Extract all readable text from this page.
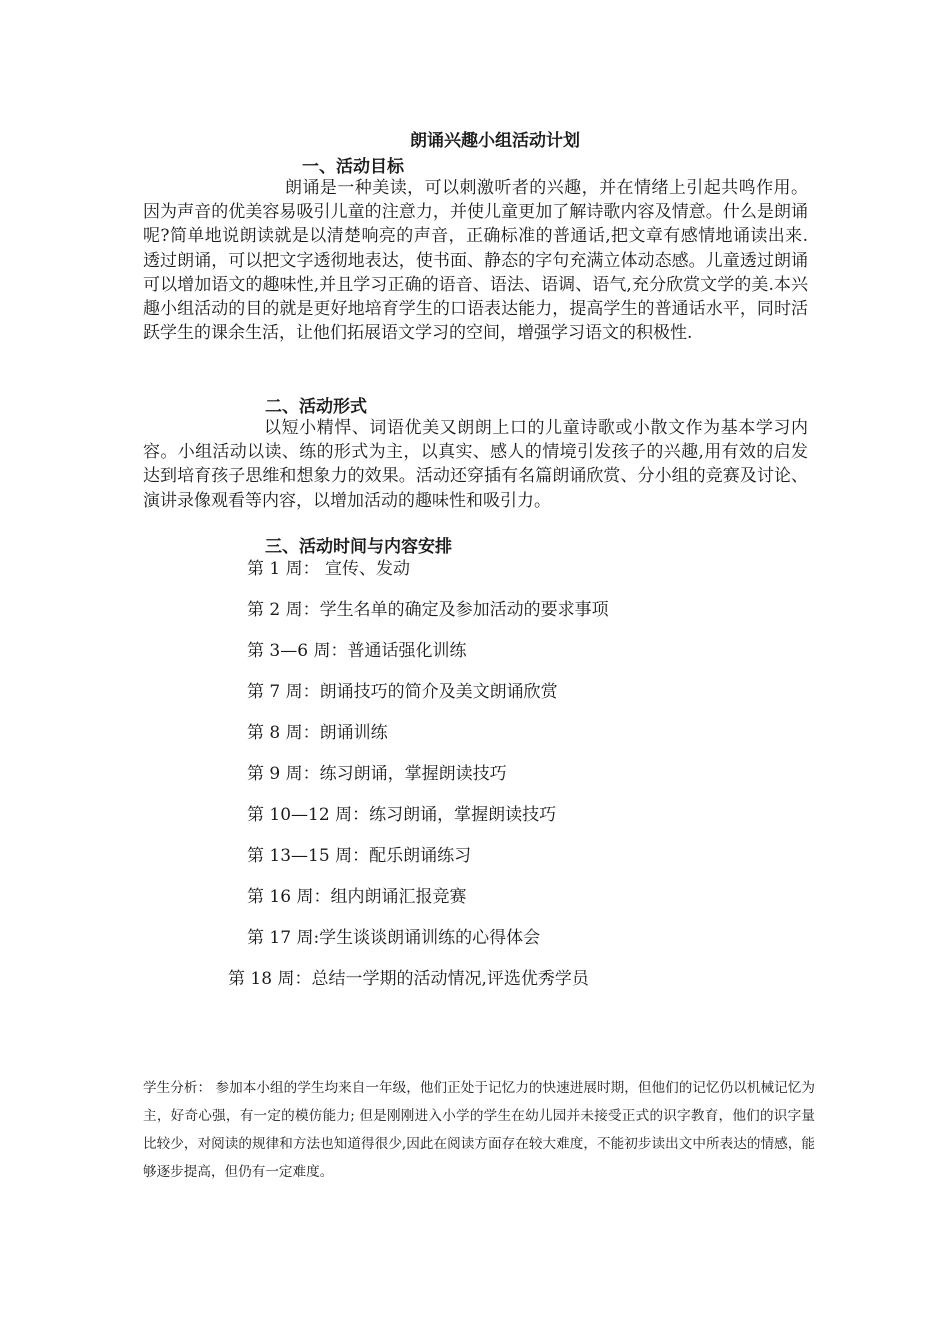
朗诵兴趣小组活动计划
一、活动目标
朗诵是一种美读，可以刺激听者的兴趣，并在情绪上引起共鸣作用。因为声音的优美容易吸引儿童的注意力，并使儿童更加了解诗歌内容及情意。什么是朗诵呢?简单地说朗读就是以清楚响亮的声音，正确标准的普通话,把文章有感情地诵读出来.透过朗诵，可以把文字透彻地表达，使书面、静态的字句充满立体动态感。儿童透过朗诵可以增加语文的趣味性,并且学习正确的语音、语法、语调、语气,充分欣赏文学的美.本兴趣小组活动的目的就是更好地培育学生的口语表达能力，提高学生的普通话水平，同时活跃学生的课余生活，让他们拓展语文学习的空间，增强学习语文的积极性.
二、活动形式
以短小精悍、词语优美又朗朗上口的儿童诗歌或小散文作为基本学习内容。小组活动以读、练的形式为主，以真实、感人的情境引发孩子的兴趣,用有效的启发达到培育孩子思维和想象力的效果。活动还穿插有名篇朗诵欣赏、分小组的竞赛及讨论、演讲录像观看等内容，以增加活动的趣味性和吸引力。
三、活动时间与内容安排
第 1 周： 宣传、发动
第 2 周：学生名单的确定及参加活动的要求事项
第 3—6 周：普通话强化训练
第 7 周：朗诵技巧的简介及美文朗诵欣赏
第 8 周：朗诵训练
第 9 周：练习朗诵，掌握朗读技巧
第 10—12 周：练习朗诵，掌握朗读技巧
第 13—15 周：配乐朗诵练习
第 16 周：组内朗诵汇报竞赛
第 17 周:学生谈谈朗诵训练的心得体会
第 18 周：总结一学期的活动情况,评选优秀学员
学生分析： 参加本小组的学生均来自一年级，他们正处于记忆力的快速进展时期，但他们的记忆仍以机械记忆为主，好奇心强，有一定的模仿能力; 但是刚刚进入小学的学生在幼儿园并未接受正式的识字教育，他们的识字量比较少，对阅读的规律和方法也知道得很少,因此在阅读方面存在较大难度，不能初步读出文中所表达的情感，能够逐步提高，但仍有一定难度。
